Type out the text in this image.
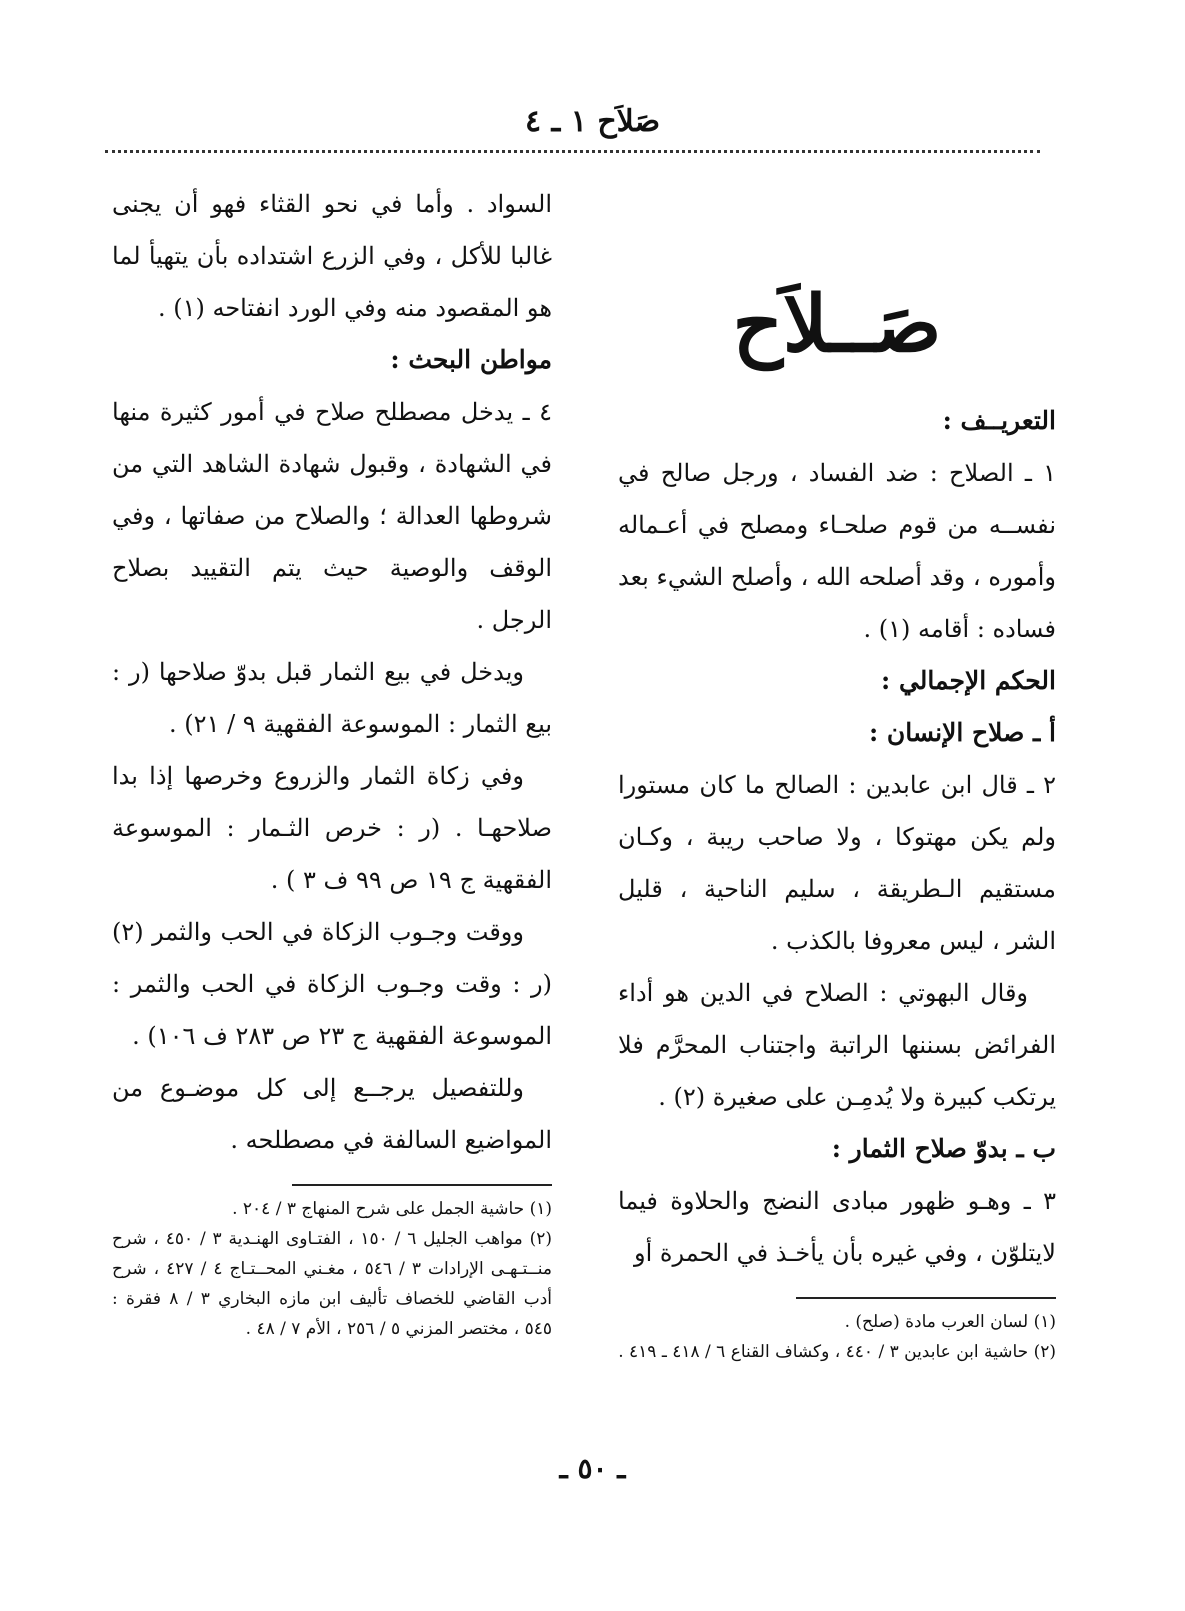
صَلاَح ١ ـ ٤
صَــلاَح

التعريــف :

١ ـ الصلاح : ضد الفساد ، ورجل صالح في نفســه من قوم صلحـاء ومصلح في أعـماله وأموره ، وقد أصلحه الله ، وأصلح الشيء بعد فساده : أقامه (١) .

الحكم الإجمالي :

أ ـ صلاح الإنسان :

٢ ـ قال ابن عابدين : الصالح ما كان مستورا ولم يكن مهتوكا ، ولا صاحب ريبة ، وكـان مستقيم الـطريقة ، سليم الناحية ، قليل الشر ، ليس معروفا بالكذب .

وقال البهوتي : الصلاح في الدين هو أداء الفرائض بسننها الراتبة واجتناب المحرَّم فلا يرتكب كبيرة ولا يُدمِـن على صغيرة (٢) .

ب ـ بدوّ صلاح الثمار :

٣ ـ وهـو ظهور مبادى النضج والحلاوة فيما لايتلوّن ، وفي غيره بأن يأخـذ في الحمرة أو

(١) لسان العرب مادة (صلح) .

(٢) حاشية ابن عابدين ٣ / ٤٤٠ ، وكشاف القناع ٦ / ٤١٨ ـ ٤١٩ .

السواد . وأما في نحو القثاء فهو أن يجنى غالبا للأكل ، وفي الزرع اشتداده بأن يتهيأ لما هو المقصود منه وفي الورد انفتاحه (١) .

مواطن البحث :

٤ ـ يدخل مصطلح صلاح في أمور كثيرة منها في الشهادة ، وقبول شهادة الشاهد التي من شروطها العدالة ؛ والصلاح من صفاتها ، وفي الوقف والوصية حيث يتم التقييد بصلاح الرجل .

ويدخل في بيع الثمار قبل بدوّ صلاحها (ر : بيع الثمار : الموسوعة الفقهية ٩ / ٢١) .

وفي زكاة الثمار والزروع وخرصها إذا بدا صلاحهـا . (ر : خرص الثـمار : الموسوعة الفقهية ج ١٩ ص ٩٩ ف ٣ ) .

ووقت وجـوب الزكاة في الحب والثمر (٢) (ر : وقت وجـوب الزكاة في الحب والثمر : الموسوعة الفقهية ج ٢٣ ص ٢٨٣ ف ١٠٦) .

وللتفصيل يرجــع إلى كل موضـوع من المواضيع السالفة في مصطلحه .

(١) حاشية الجمل على شرح المنهاج ٣ / ٢٠٤ .

(٢) مواهب الجليل ٦ / ١٥٠ ، الفتـاوى الهنـدية ٣ / ٤٥٠ ، شرح منــتـهـى الإرادات ٣ / ٥٤٦ ، مغـني المحــتـاج ٤ / ٤٢٧ ، شرح أدب القاضي للخصاف تأليف ابن مازه البخاري ٣ / ٨ فقرة : ٥٤٥ ، مختصر المزني ٥ / ٢٥٦ ، الأم ٧ / ٤٨ .

ـ ٥٠ ـ
